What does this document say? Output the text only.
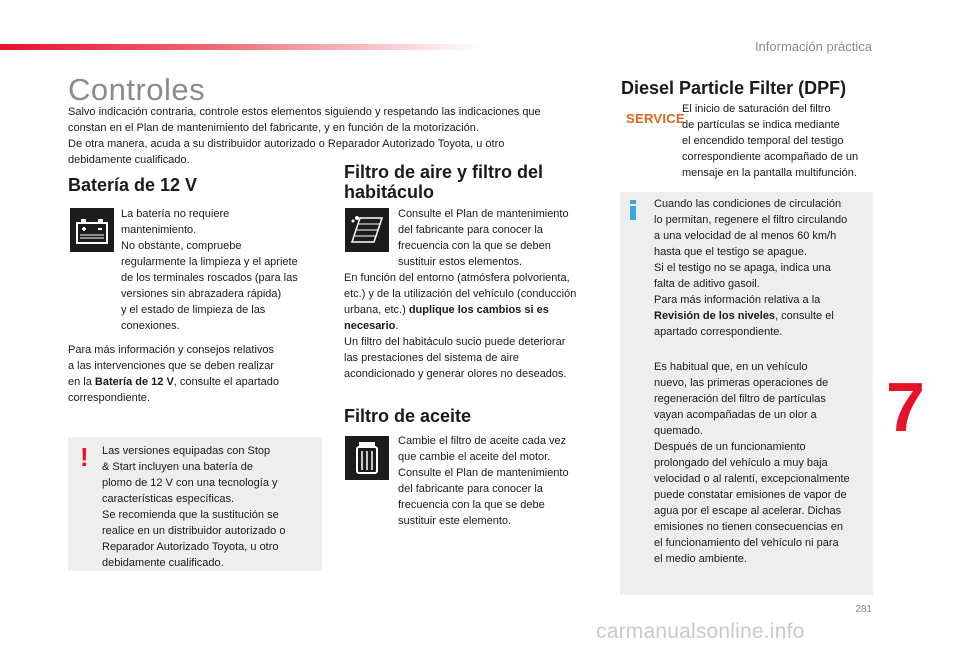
Información práctica
Controles
Salvo indicación contraria, controle estos elementos siguiendo y respetando las indicaciones que
constan en el Plan de mantenimiento del fabricante, y en función de la motorización.
De otra manera, acuda a su distribuidor autorizado o Reparador Autorizado Toyota, u otro
debidamente cualificado.
Batería de 12 V
La batería no requiere
mantenimiento.
No obstante, compruebe
regularmente la limpieza y el apriete
de los terminales roscados (para las
versiones sin abrazadera rápida)
y el estado de limpieza de las
conexiones.
Para más información y consejos relativos
a las intervenciones que se deben realizar
en la Batería de 12 V, consulte el apartado
correspondiente.
! Las versiones equipadas con Stop
& Start incluyen una batería de
plomo de 12 V con una tecnología y
características específicas.
Se recomienda que la sustitución se
realice en un distribuidor autorizado o
Reparador Autorizado Toyota, u otro
debidamente cualificado.
Filtro de aire y filtro del
habitáculo
Consulte el Plan de mantenimiento
del fabricante para conocer la
frecuencia con la que se deben
sustituir estos elementos.
En función del entorno (atmósfera polvorienta,
etc.) y de la utilización del vehículo (conducción
urbana, etc.) duplique los cambios si es
necesario.
Un filtro del habitáculo sucio puede deteriorar
las prestaciones del sistema de aire
acondicionado y generar olores no deseados.
Filtro de aceite
Cambie el filtro de aceite cada vez
que cambie el aceite del motor.
Consulte el Plan de mantenimiento
del fabricante para conocer la
frecuencia con la que se debe
sustituir este elemento.
Diesel Particle Filter (DPF)
SERVICE
El inicio de saturación del filtro
de partículas se indica mediante
el encendido temporal del testigo
correspondiente acompañado de un
mensaje en la pantalla multifunción.
Cuando las condiciones de circulación
lo permitan, regenere el filtro circulando
a una velocidad de al menos 60 km/h
hasta que el testigo se apague.
Si el testigo no se apaga, indica una
falta de aditivo gasoil.
Para más información relativa a la
Revisión de los niveles, consulte el
apartado correspondiente.
Es habitual que, en un vehículo
nuevo, las primeras operaciones de
regeneración del filtro de partículas
vayan acompañadas de un olor a
quemado.
Después de un funcionamiento
prolongado del vehículo a muy baja
velocidad o al ralentí, excepcionalmente
puede constatar emisiones de vapor de
agua por el escape al acelerar. Dichas
emisiones no tienen consecuencias en
el funcionamiento del vehículo ni para
el medio ambiente.
7
281
carmanualsonline.info
